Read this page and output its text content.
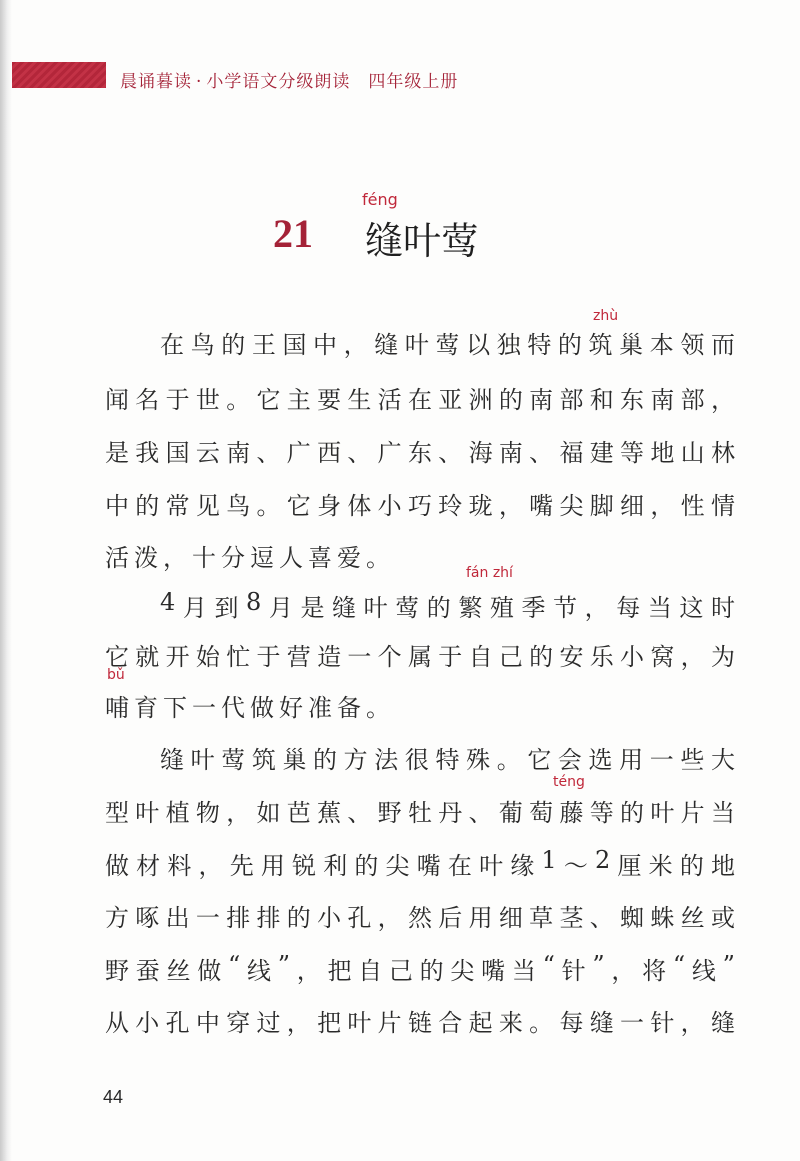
晨诵暮读 · 小学语文分级朗读 四年级上册
féng
21 缝叶莺
zhù
fán zhí
bǔ
téng
在 鸟 的 王 国 中 ， 缝 叶 莺 以 独 特 的 筑 巢 本 领 而
闻 名 于 世 。 它 主 要 生 活 在 亚 洲 的 南 部 和 东 南 部 ，
是 我 国 云 南 、 广 西 、 广 东 、 海 南 、 福 建 等 地 山 林
中 的 常 见 鸟 。 它 身 体 小 巧 玲 珑 ， 嘴 尖 脚 细 ， 性 情
活泼，十分逗人喜爱。
4 月 到 8 月 是 缝 叶 莺 的 繁 殖 季 节 ， 每 当 这 时
它 就 开 始 忙 于 营 造 一 个 属 于 自 己 的 安 乐 小 窝 ， 为
哺育下一代做好准备。
缝 叶 莺 筑 巢 的 方 法 很 特 殊 。 它 会 选 用 一 些 大
型 叶 植 物 ， 如 芭 蕉 、 野 牡 丹 、 葡 萄 藤 等 的 叶 片 当
做 材 料 ， 先 用 锐 利 的 尖 嘴 在 叶 缘 1 ～ 2 厘 米 的 地
方 啄 出 一 排 排 的 小 孔 ， 然 后 用 细 草 茎 、 蜘 蛛 丝 或
野 蚕 丝 做 “ 线 ” ， 把 自 己 的 尖 嘴 当 “ 针 ” ， 将 “ 线 ”
从 小 孔 中 穿 过 ， 把 叶 片 链 合 起 来 。 每 缝 一 针 ， 缝
44
